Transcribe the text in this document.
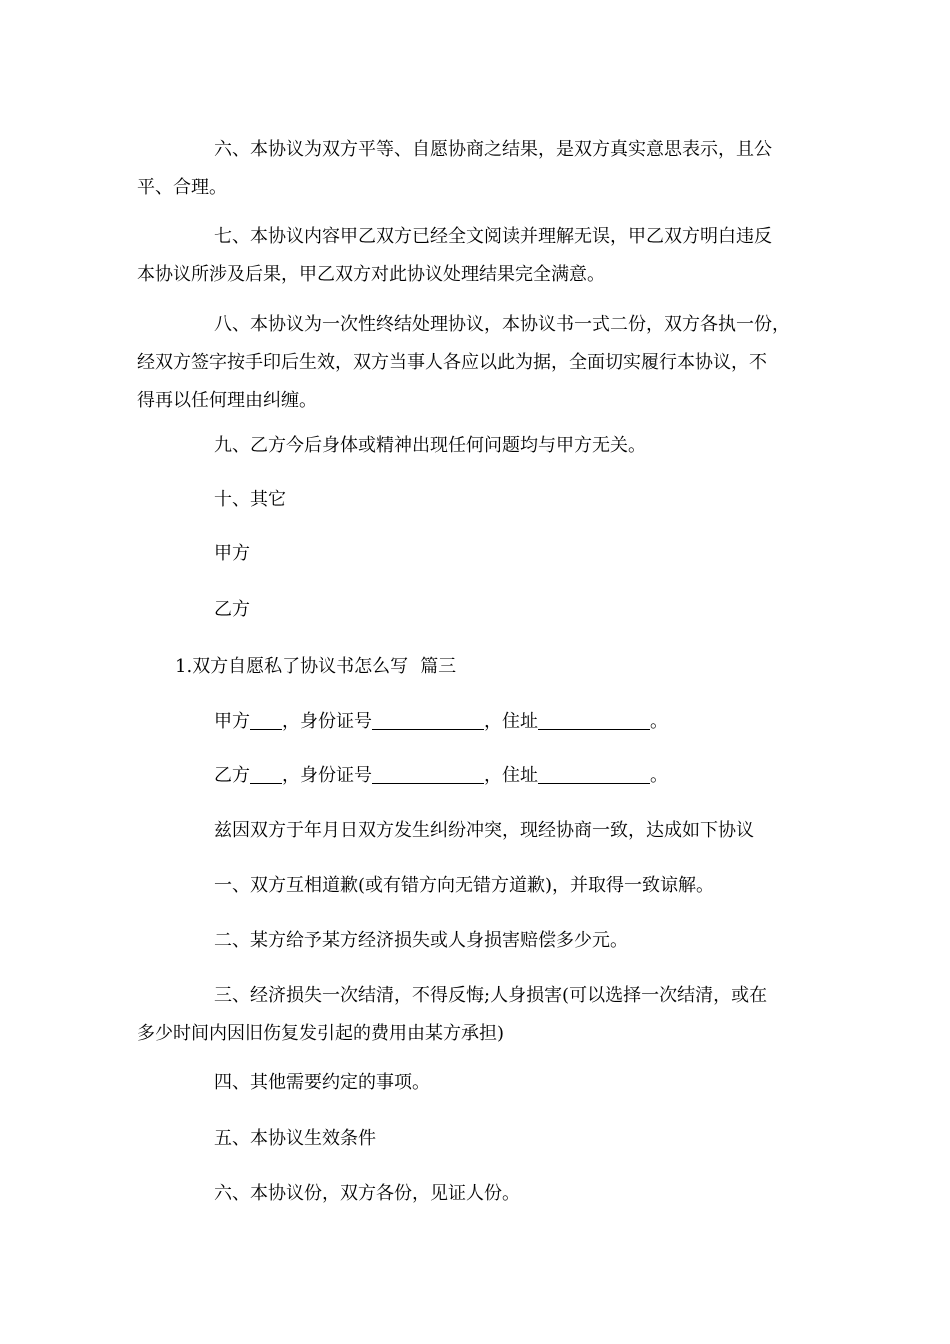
六、本协议为双方平等、自愿协商之结果，是双方真实意思表示，且公
平、合理。
七、本协议内容甲乙双方已经全文阅读并理解无误，甲乙双方明白违反
本协议所涉及后果，甲乙双方对此协议处理结果完全满意。
八、本协议为一次性终结处理协议，本协议书一式二份，双方各执一份，
经双方签字按手印后生效，双方当事人各应以此为据，全面切实履行本协议，不
得再以任何理由纠缠。
九、乙方今后身体或精神出现任何问题均与甲方无关。
十、其它
甲方
乙方
1.双方自愿私了协议书怎么写 篇三
甲方 ，身份证号	，住址	。
乙方 ，身份证号	，住址	。
兹因双方于年月日双方发生纠纷冲突，现经协商一致，达成如下协议
一、双方互相道歉(或有错方向无错方道歉)，并取得一致谅解。
二、某方给予某方经济损失或人身损害赔偿多少元。
三、经济损失一次结清，不得反悔;人身损害(可以选择一次结清，或在
多少时间内因旧伤复发引起的费用由某方承担)
四、其他需要约定的事项。
五、本协议生效条件
六、本协议份，双方各份，见证人份。
